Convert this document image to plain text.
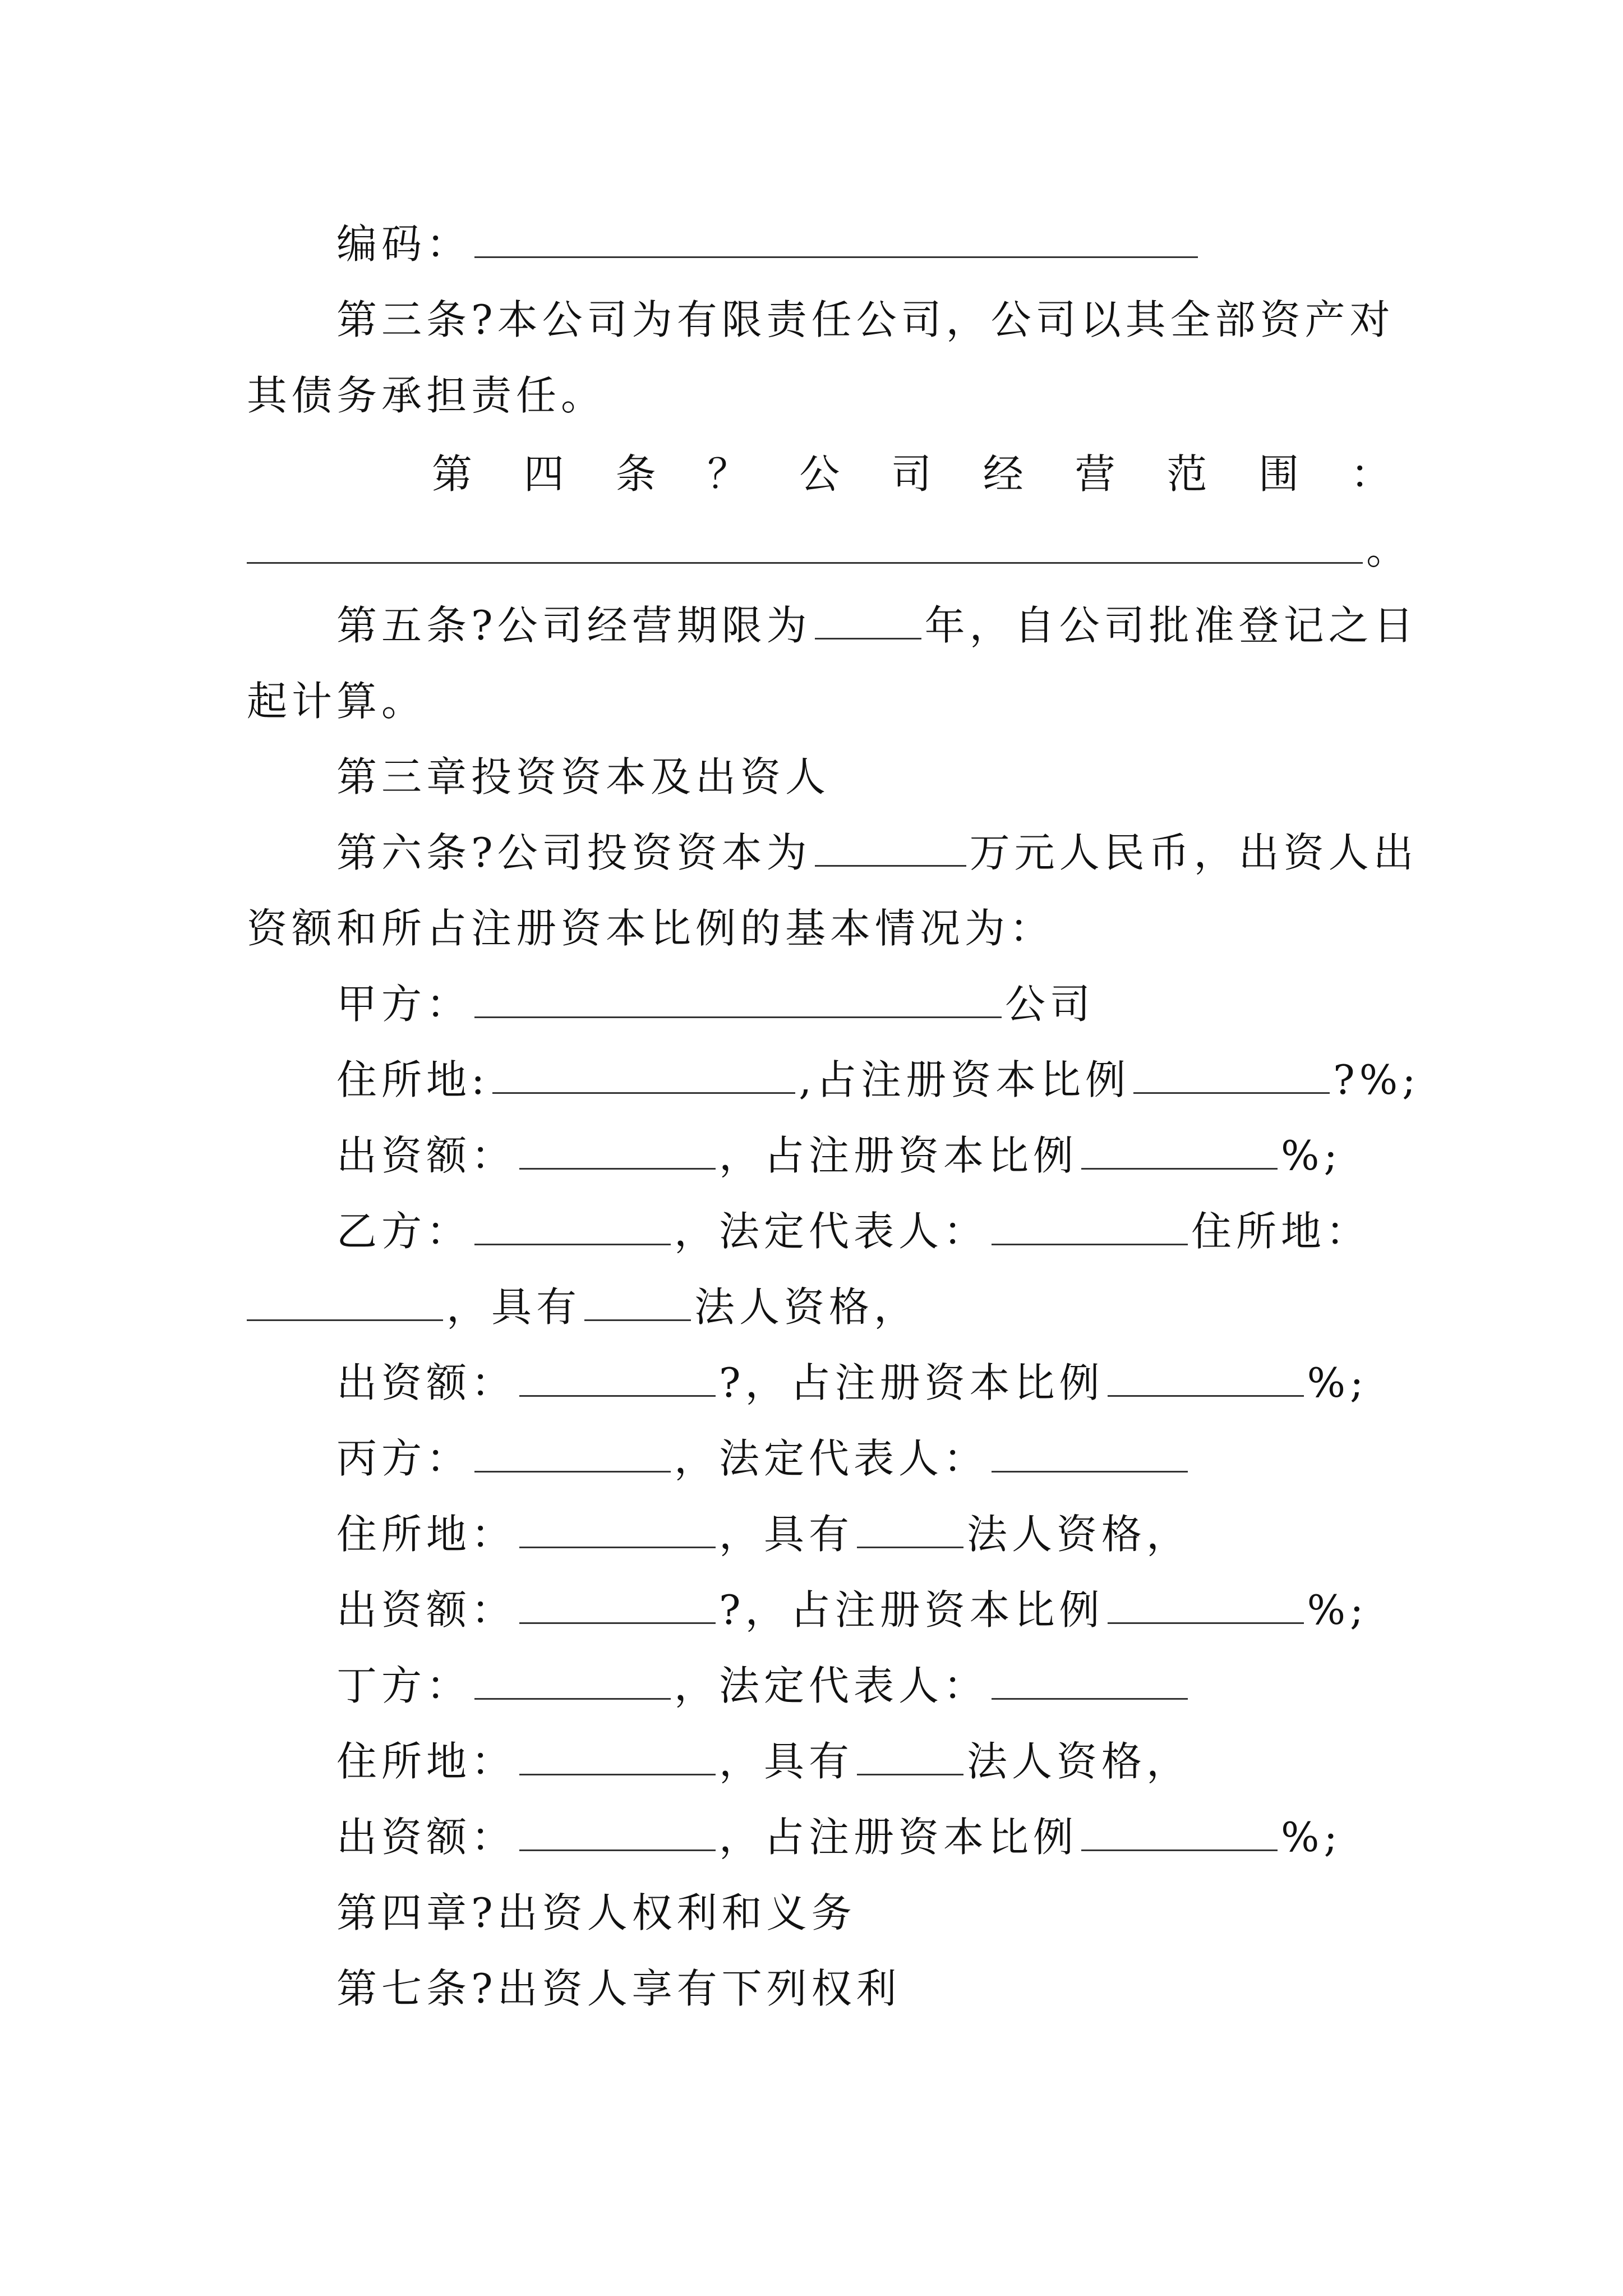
编码：
第三条?本公司为有限责任公司，公司以其全部资产对
其债务承担责任。
第 四 条 ？ 公 司 经 营 范 围 ：
。
第五条?公司经营期限为	年，自公司批准登记之日
起计算。
第三章投资资本及出资人
第六条?公司投资资本为	万元人民币，出资人出
资额和所占注册资本比例的基本情况为：
甲方：	公司
住所地:	,占注册资本比例	?%;
出资额：	，占注册资本比例	%;
乙方：	，法定代表人：	住所地：
，具有	法人资格，
出资额：	?，占注册资本比例	%;
丙方：	，法定代表人：
住所地：	，具有	法人资格，
出资额：	?，占注册资本比例	%;
丁方：	，法定代表人：
住所地：	，具有	法人资格，
出资额：	，占注册资本比例	%;
第四章?出资人权利和义务
第七条?出资人享有下列权利
